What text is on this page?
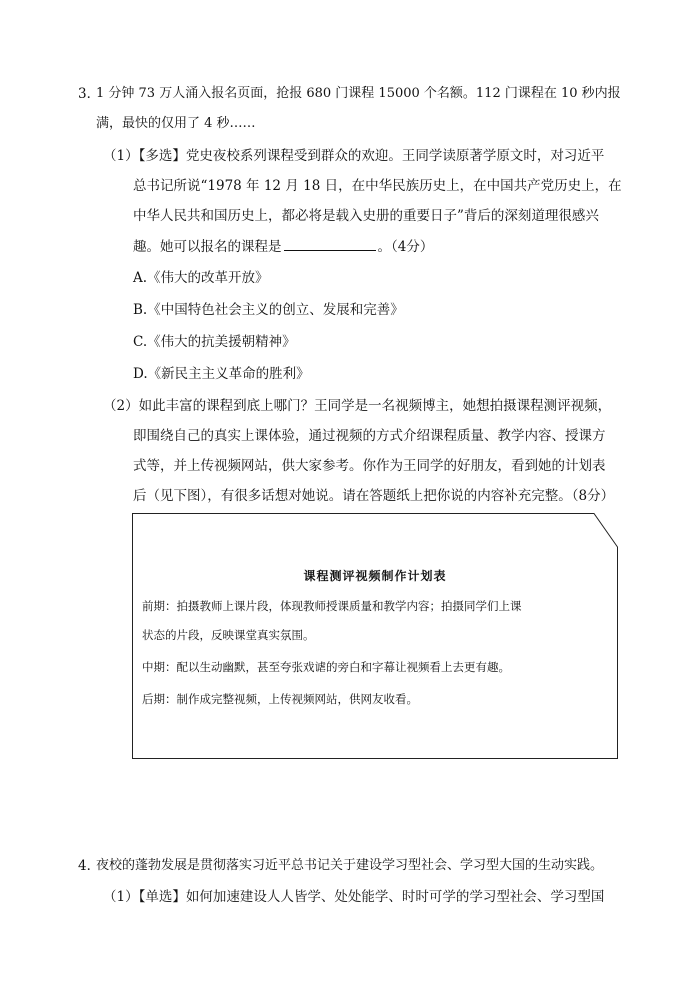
3．
1 分钟 73 万人涌入报名页面，抢报 680 门课程 15000 个名额。112 门课程在 10 秒内报
满，最快的仅用了 4 秒……
（1）【多选】党史夜校系列课程受到群众的欢迎。王同学读原著学原文时，对习近平
总书记所说“1978 年 12 月 18 日，在中华民族历史上，在中国共产党历史上，在
中华人民共和国历史上，都必将是载入史册的重要日子”背后的深刻道理很感兴
趣。她可以报名的课程是	。（4分）
A.《伟大的改革开放》
B.《中国特色社会主义的创立、发展和完善》
C.《伟大的抗美援朝精神》
D.《新民主主义革命的胜利》
（2）如此丰富的课程到底上哪门？王同学是一名视频博主，她想拍摄课程测评视频，
即围绕自己的真实上课体验，通过视频的方式介绍课程质量、教学内容、授课方
式等，并上传视频网站，供大家参考。你作为王同学的好朋友，看到她的计划表
后（见下图），有很多话想对她说。请在答题纸上把你说的内容补充完整。（8分）
课程测评视频制作计划表
前期：拍摄教师上课片段，体现教师授课质量和教学内容；拍摄同学们上课
状态的片段，反映课堂真实氛围。
中期：配以生动幽默，甚至夸张戏谑的旁白和字幕让视频看上去更有趣。
后期：制作成完整视频，上传视频网站，供网友收看。
4．
夜校的蓬勃发展是贯彻落实习近平总书记关于建设学习型社会、学习型大国的生动实践。
（1）【单选】如何加速建设人人皆学、处处能学、时时可学的学习型社会、学习型国
